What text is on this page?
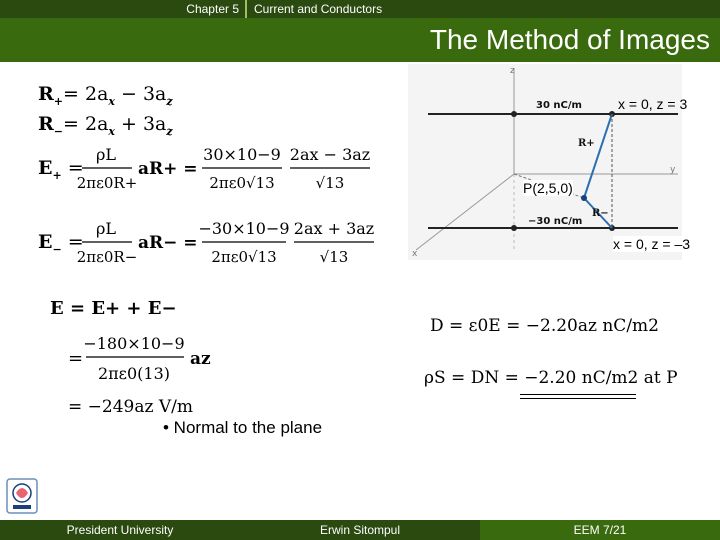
Chapter 5	Current and Conductors
The Method of Images
z
y
x
30 nC/m
−30 nC/m
R+
R−
x = 0, z = 3
P(2,5,0)
x = 0, z = –3
$R_+= 2a_x - 3a_z$
$R_-= 2a_x + 3a_z$
$E_+$ =
ρL
2πε0R+
aR+ =
30×10−9
2πε0√13
2ax − 3az
√13
$E_-$ =
ρL
2πε0R−
aR− =
−30×10−9
2πε0√13
2ax + 3az
√13
E = E+ + E−
=
−180×10−9
2πε0(13)
az
= −249az V/m
D = ε0E = −2.20az nC/m2
ρS = DN = −2.20 nC/m2 at P
• Normal to the plane
President University	Erwin Sitompul	EEM 7/21
